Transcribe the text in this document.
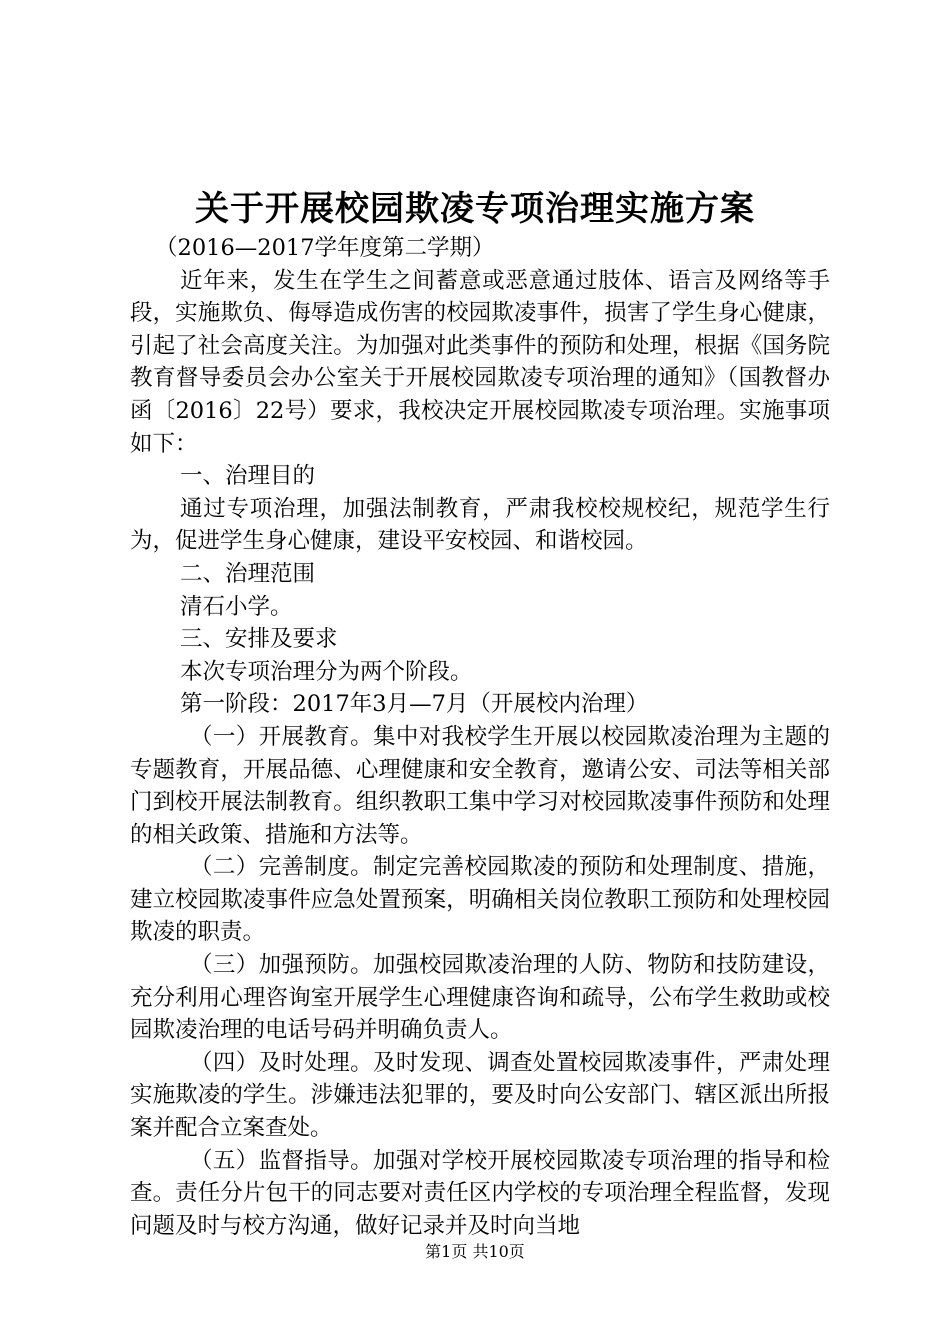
关于开展校园欺凌专项治理实施方案

（2016—2017学年度第二学期）

近年来，发生在学生之间蓄意或恶意通过肢体、语言及网络等手段，实施欺负、侮辱造成伤害的校园欺凌事件，损害了学生身心健康，引起了社会高度关注。为加强对此类事件的预防和处理，根据《国务院教育督导委员会办公室关于开展校园欺凌专项治理的通知》（国教督办函〔2016〕22号）要求，我校决定开展校园欺凌专项治理。实施事项如下：

一、治理目的

通过专项治理，加强法制教育，严肃我校校规校纪，规范学生行为，促进学生身心健康，建设平安校园、和谐校园。

二、治理范围

清石小学。

三、安排及要求

本次专项治理分为两个阶段。

第一阶段：2017年3月—7月（开展校内治理）

（一）开展教育。集中对我校学生开展以校园欺凌治理为主题的专题教育，开展品德、心理健康和安全教育，邀请公安、司法等相关部门到校开展法制教育。组织教职工集中学习对校园欺凌事件预防和处理的相关政策、措施和方法等。

（二）完善制度。制定完善校园欺凌的预防和处理制度、措施，建立校园欺凌事件应急处置预案，明确相关岗位教职工预防和处理校园欺凌的职责。

（三）加强预防。加强校园欺凌治理的人防、物防和技防建设，充分利用心理咨询室开展学生心理健康咨询和疏导，公布学生救助或校园欺凌治理的电话号码并明确负责人。

（四）及时处理。及时发现、调查处置校园欺凌事件，严肃处理实施欺凌的学生。涉嫌违法犯罪的，要及时向公安部门、辖区派出所报案并配合立案查处。

（五）监督指导。加强对学校开展校园欺凌专项治理的指导和检查。责任分片包干的同志要对责任区内学校的专项治理全程监督，发现问题及时与校方沟通，做好记录并及时向当地

第1页 共10页
